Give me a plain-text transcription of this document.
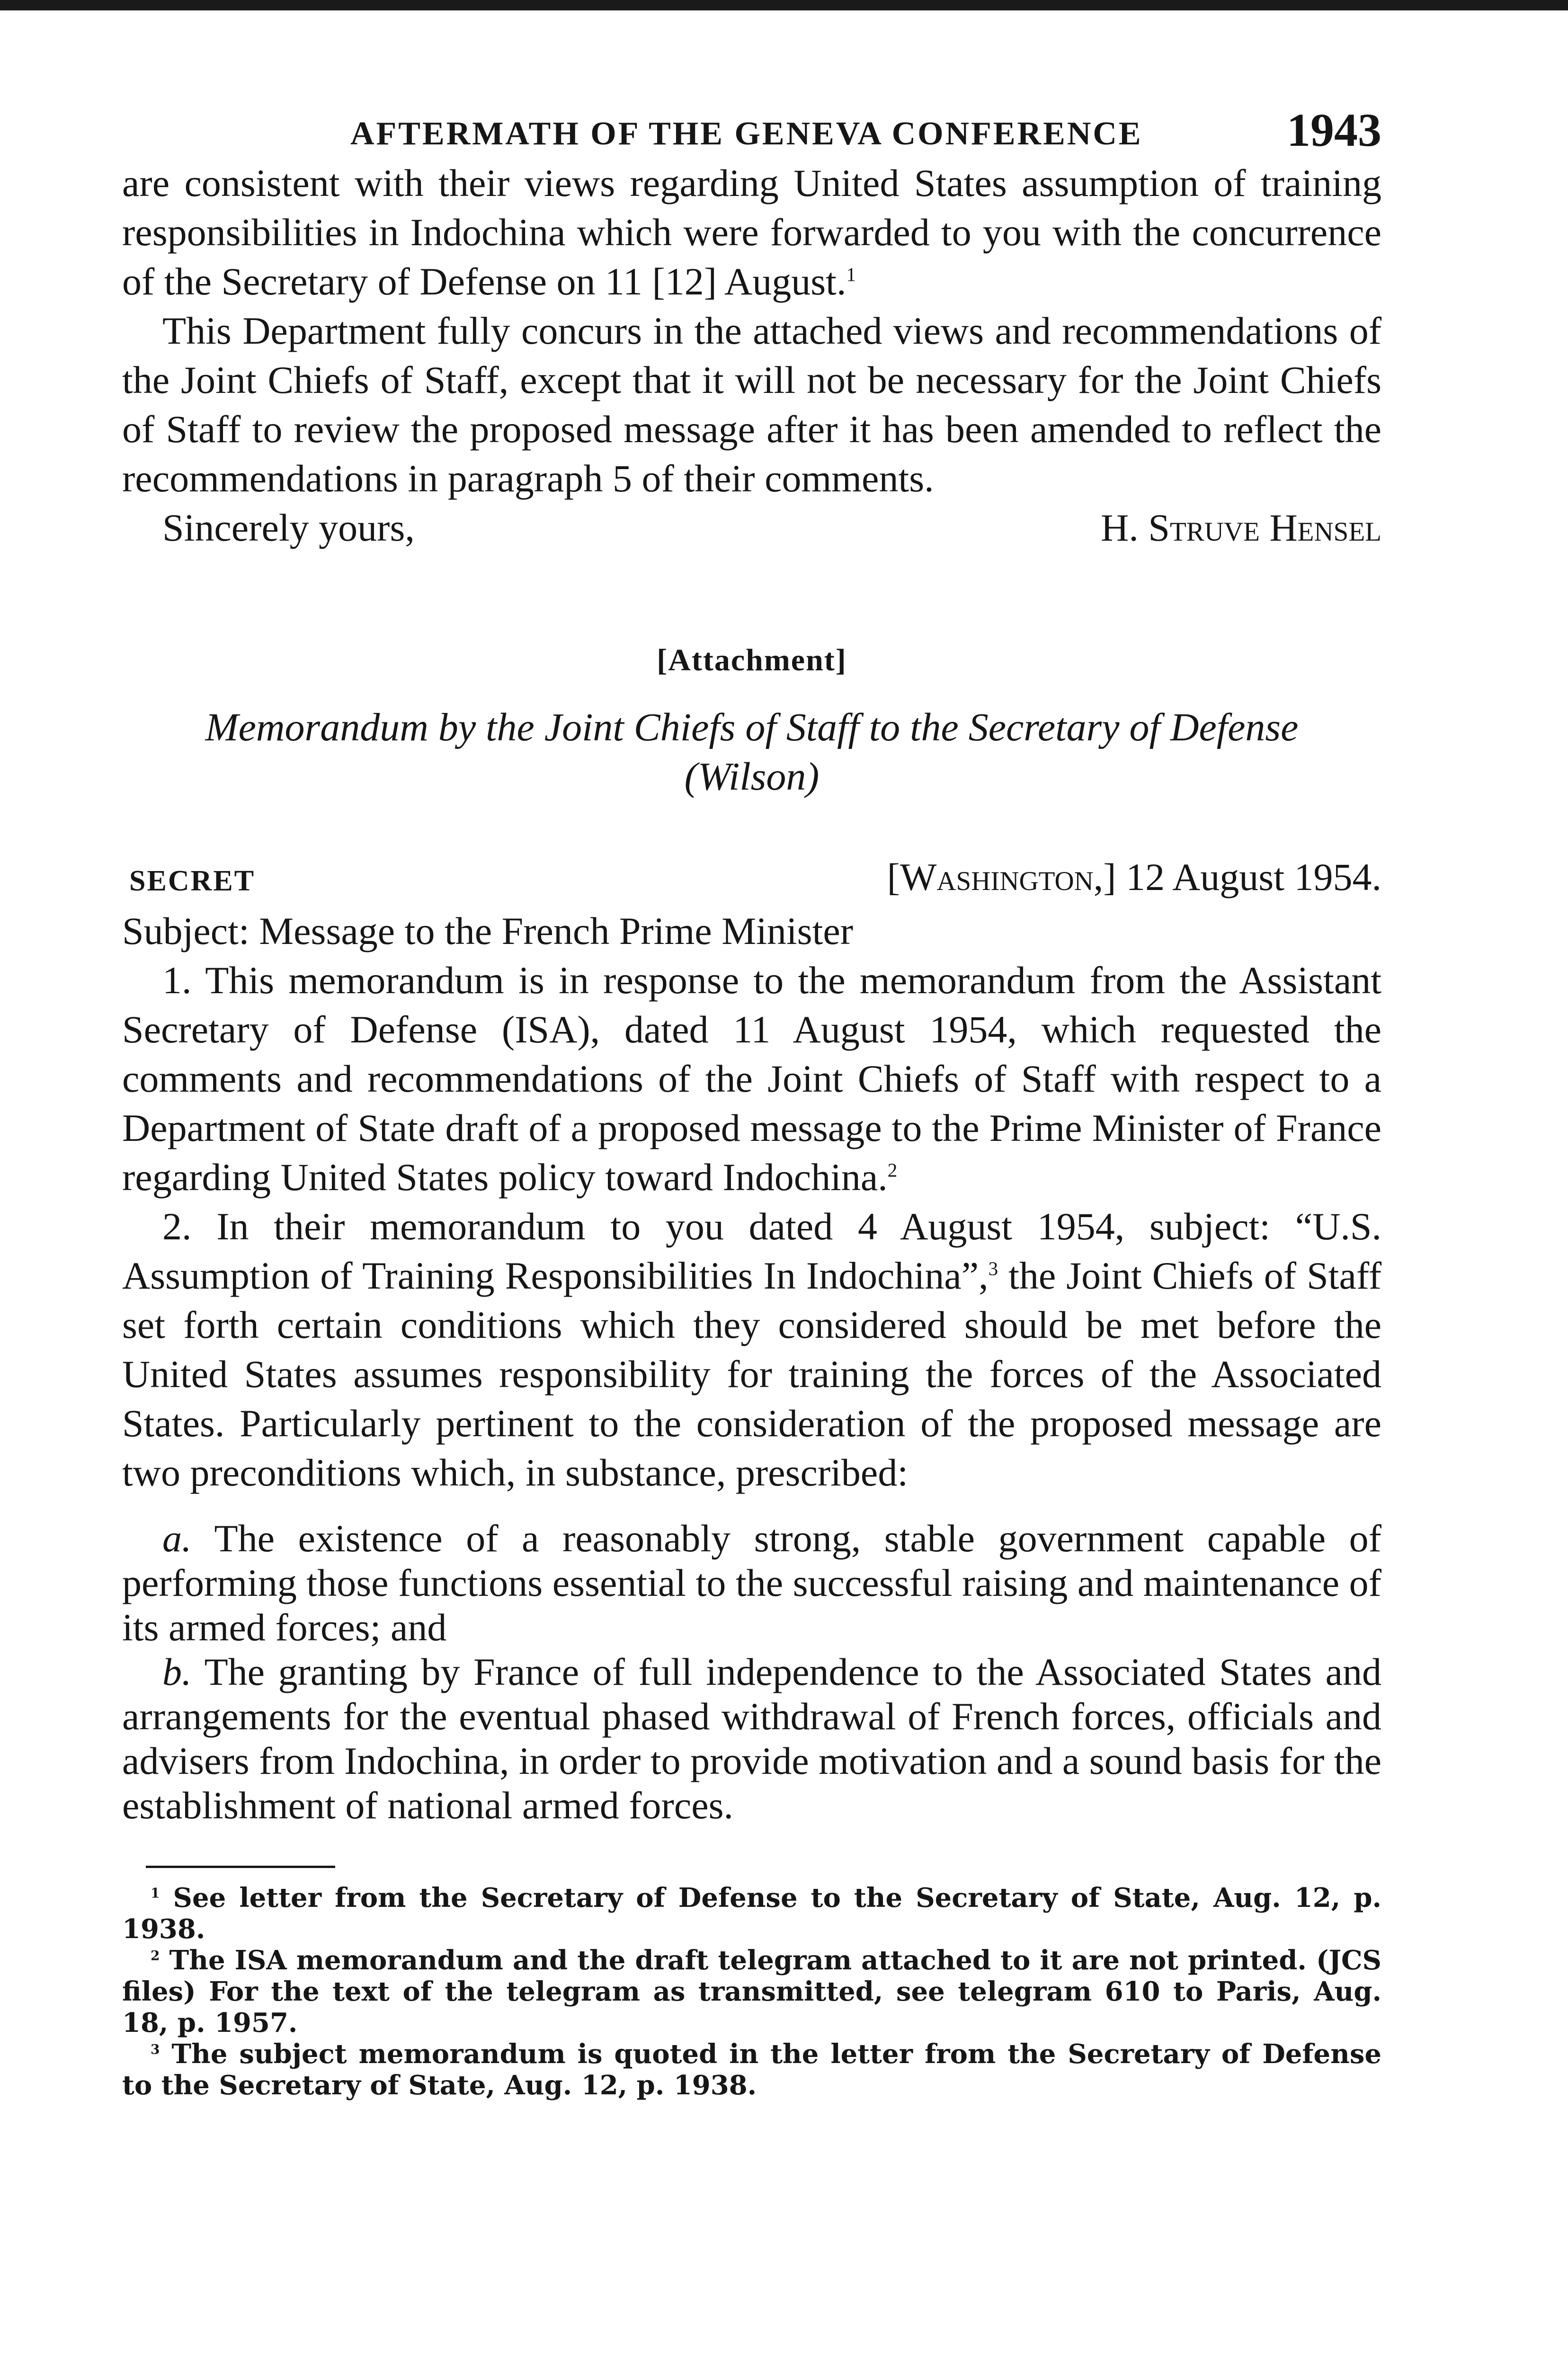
AFTERMATH OF THE GENEVA CONFERENCE	1943

are consistent with their views regarding United States assumption of training responsibilities in Indochina which were forwarded to you with the concurrence of the Secretary of Defense on 11 [12] August.$^1$

This Department fully concurs in the attached views and recommendations of the Joint Chiefs of Staff, except that it will not be necessary for the Joint Chiefs of Staff to review the proposed message after it has been amended to reflect the recommendations in paragraph 5 of their comments.

Sincerely yours,	H. Struve Hensel
[Attachment]
Memorandum by the Joint Chiefs of Staff to the Secretary of Defense (Wilson)
SECRET	[Washington,] 12 August 1954.

Subject: Message to the French Prime Minister

1. This memorandum is in response to the memorandum from the Assistant Secretary of Defense (ISA), dated 11 August 1954, which requested the comments and recommendations of the Joint Chiefs of Staff with respect to a Department of State draft of a proposed message to the Prime Minister of France regarding United States policy toward Indochina.$^2$

2. In their memorandum to you dated 4 August 1954, subject: “U.S. Assumption of Training Responsibilities In Indochina”,$^3$ the Joint Chiefs of Staff set forth certain conditions which they considered should be met before the United States assumes responsibility for training the forces of the Associated States. Particularly pertinent to the consideration of the proposed message are two preconditions which, in substance, prescribed:

a. The existence of a reasonably strong, stable government capable of performing those functions essential to the successful raising and maintenance of its armed forces; and

b. The granting by France of full independence to the Associated States and arrangements for the eventual phased withdrawal of French forces, officials and advisers from Indochina, in order to provide motivation and a sound basis for the establishment of national armed forces.

$^1$ See letter from the Secretary of Defense to the Secretary of State, Aug. 12, p. 1938.

$^2$ The ISA memorandum and the draft telegram attached to it are not printed. (JCS files) For the text of the telegram as transmitted, see telegram 610 to Paris, Aug. 18, p. 1957.

$^3$ The subject memorandum is quoted in the letter from the Secretary of Defense to the Secretary of State, Aug. 12, p. 1938.
